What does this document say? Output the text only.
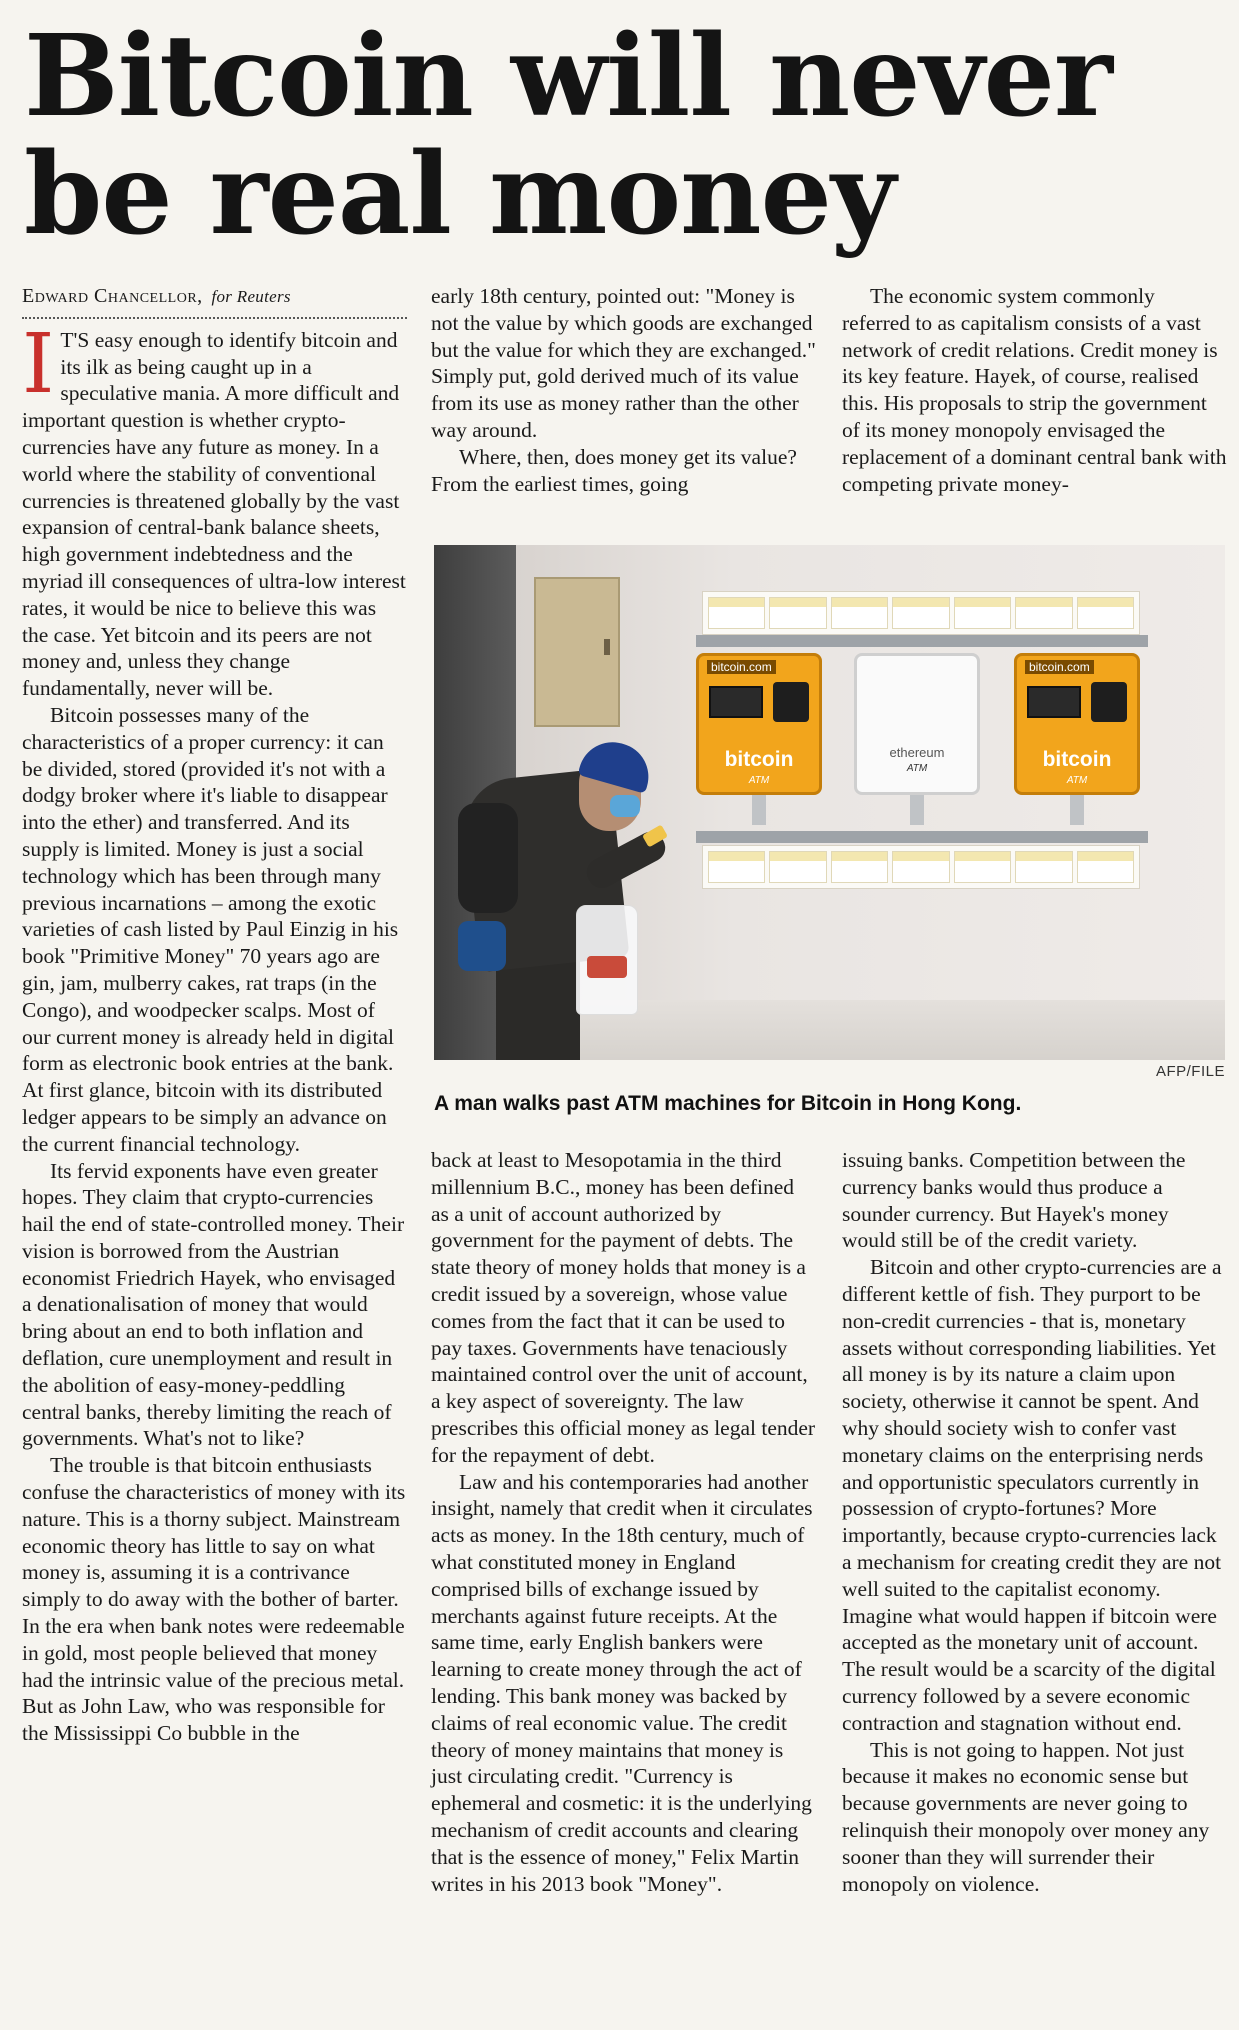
Bitcoin will never
be real money
Edward Chancellor, for Reuters

I T'S easy enough to identify bitcoin and its ilk as being caught up in a speculative mania. A more difficult and important question is whether crypto-currencies have any future as money. In a world where the stability of conventional currencies is threatened globally by the vast expansion of central-bank balance sheets, high government indebtedness and the myriad ill consequences of ultra-low interest rates, it would be nice to believe this was the case. Yet bitcoin and its peers are not money and, unless they change fundamentally, never will be.

Bitcoin possesses many of the characteristics of a proper currency: it can be divided, stored (provided it's not with a dodgy broker where it's liable to disappear into the ether) and transferred. And its supply is limited. Money is just a social technology which has been through many previous incarnations – among the exotic varieties of cash listed by Paul Einzig in his book "Primitive Money" 70 years ago are gin, jam, mulberry cakes, rat traps (in the Congo), and woodpecker scalps. Most of our current money is already held in digital form as electronic book entries at the bank. At first glance, bitcoin with its distributed ledger appears to be simply an advance on the current financial technology.

Its fervid exponents have even greater hopes. They claim that crypto-currencies hail the end of state-controlled money. Their vision is borrowed from the Austrian economist Friedrich Hayek, who envisaged a denationalisation of money that would bring about an end to both inflation and deflation, cure unemployment and result in the abolition of easy-money-peddling central banks, thereby limiting the reach of governments. What's not to like?

The trouble is that bitcoin enthusiasts confuse the characteristics of money with its nature. This is a thorny subject. Mainstream economic theory has little to say on what money is, assuming it is a contrivance simply to do away with the bother of barter. In the era when bank notes were redeemable in gold, most people believed that money had the intrinsic value of the precious metal. But as John Law, who was responsible for the Mississippi Co bubble in the

early 18th century, pointed out: "Money is not the value by which goods are exchanged but the value for which they are exchanged." Simply put, gold derived much of its value from its use as money rather than the other way around.

Where, then, does money get its value? From the earliest times, going

The economic system commonly referred to as capitalism consists of a vast network of credit relations. Credit money is its key feature. Hayek, of course, realised this. His proposals to strip the government of its money monopoly envisaged the replacement of a dominant central bank with competing private money-

bitcoin.com
bitcoin
ATM
ethereum
ATM
bitcoin.com
bitcoin
ATM
AFP/FILE
A man walks past ATM machines for Bitcoin in Hong Kong.

back at least to Mesopotamia in the third millennium B.C., money has been defined as a unit of account authorized by government for the payment of debts. The state theory of money holds that money is a credit issued by a sovereign, whose value comes from the fact that it can be used to pay taxes. Governments have tenaciously maintained control over the unit of account, a key aspect of sovereignty. The law prescribes this official money as legal tender for the repayment of debt.

Law and his contemporaries had another insight, namely that credit when it circulates acts as money. In the 18th century, much of what constituted money in England comprised bills of exchange issued by merchants against future receipts. At the same time, early English bankers were learning to create money through the act of lending. This bank money was backed by claims of real economic value. The credit theory of money maintains that money is just circulating credit. "Currency is ephemeral and cosmetic: it is the underlying mechanism of credit accounts and clearing that is the essence of money," Felix Martin writes in his 2013 book "Money".

issuing banks. Competition between the currency banks would thus produce a sounder currency. But Hayek's money would still be of the credit variety.

Bitcoin and other crypto-currencies are a different kettle of fish. They purport to be non-credit currencies - that is, monetary assets without corresponding liabilities. Yet all money is by its nature a claim upon society, otherwise it cannot be spent. And why should society wish to confer vast monetary claims on the enterprising nerds and opportunistic speculators currently in possession of crypto-fortunes? More importantly, because crypto-currencies lack a mechanism for creating credit they are not well suited to the capitalist economy. Imagine what would happen if bitcoin were accepted as the monetary unit of account. The result would be a scarcity of the digital currency followed by a severe economic contraction and stagnation without end.

This is not going to happen. Not just because it makes no economic sense but because governments are never going to relinquish their monopoly over money any sooner than they will surrender their monopoly on violence.
